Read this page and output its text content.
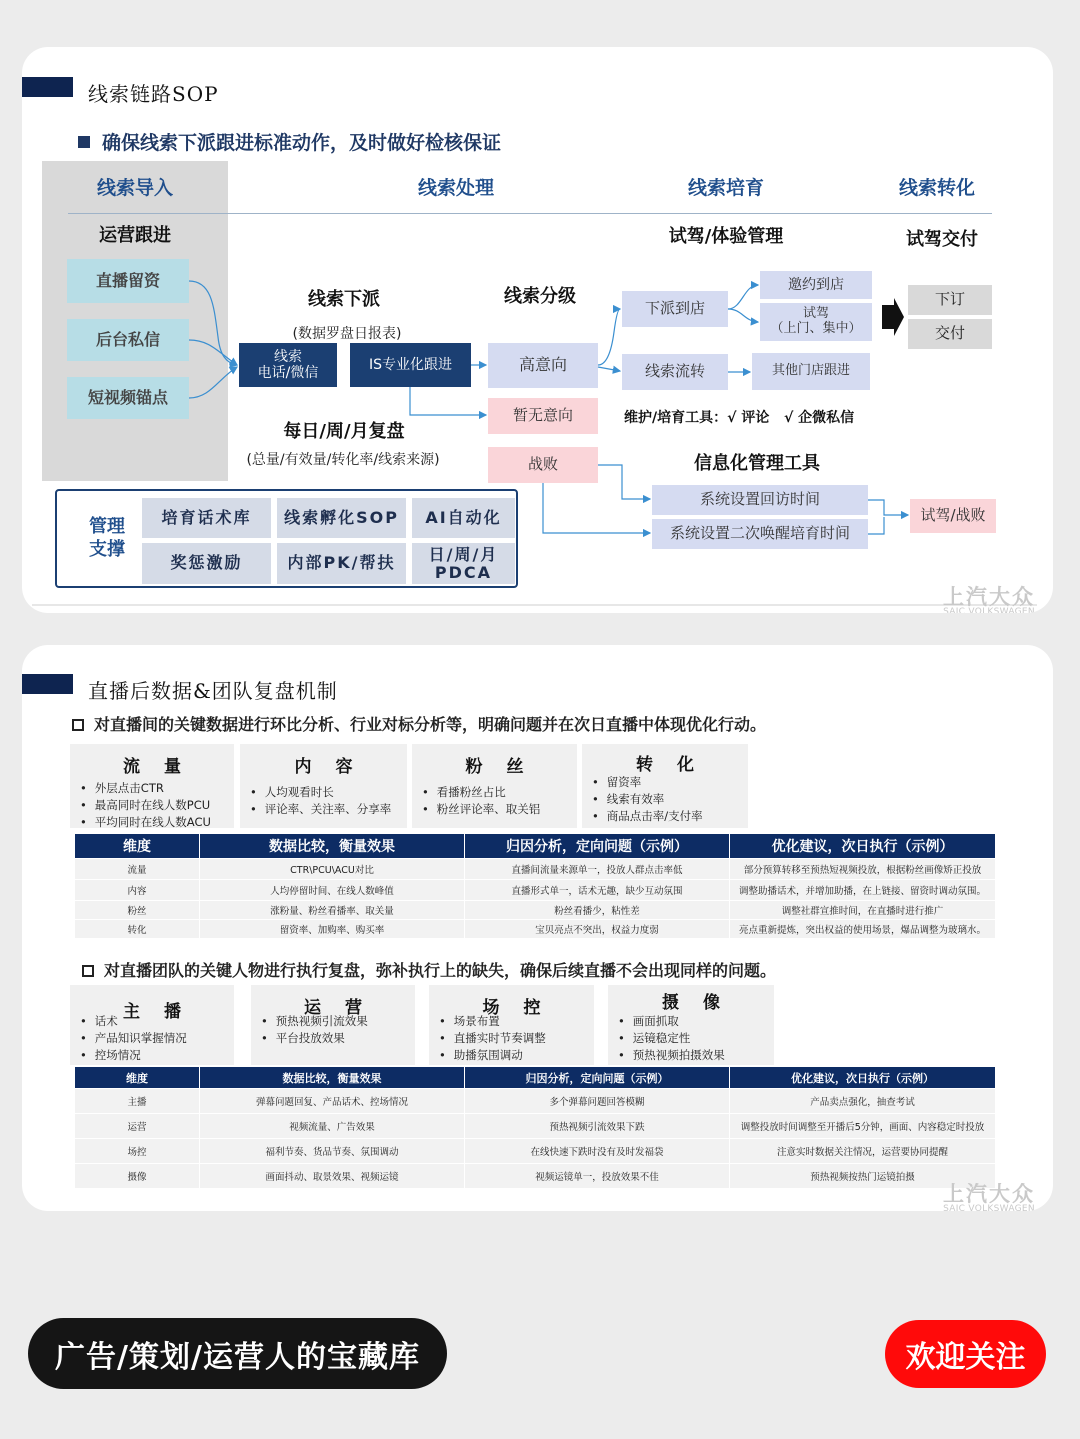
线索链路SOP
确保线索下派跟进标准动作，及时做好检核保证
线索导入	线索处理	线索培育	线索转化
运营跟进
直播留资
后台私信
短视频锚点
线索下派
(数据罗盘日报表)
线索
电话/微信
IS专业化跟进
每日/周/月复盘
(总量/有效量/转化率/线索来源)
线索分级
高意向
暂无意向
战败
试驾/体验管理
下派到店
邀约到店
试驾
（上门、集中）
线索流转	其他门店跟进
维护/培育工具：√ 评论   √ 企微私信
试驾交付
下订
交付
信息化管理工具
系统设置回访时间
系统设置二次唤醒培育时间
试驾/战败
管理
支撑
培育话术库	线索孵化SOP	AI自动化
奖惩激励	内部PK/帮扶	日/周/月
PDCA
上汽大众
SAIC VOLKSWAGEN
直播后数据&团队复盘机制
对直播间的关键数据进行环比分析、行业对标分析等，明确问题并在次日直播中体现优化行动。
流量
• 外层点击CTR
• 最高同时在线人数PCU
• 平均同时在线人数ACU
内容
• 人均观看时长
• 评论率、关注率、分享率
粉丝
• 看播粉丝占比
• 粉丝评论率、取关铝
转化
• 留资率
• 线索有效率
• 商品点击率/支付率
维度	数据比较，衡量效果	归因分析，定向问题（示例）	优化建议，次日执行（示例）
流量	CTR\PCU\ACU对比	直播间流量来源单一，投放人群点击率低	部分预算转移至预热短视频投放，根据粉丝画像矫正投放
内容	人均停留时间、在线人数峰值	直播形式单一，话术无趣，缺少互动氛围	调整助播话术，并增加助播，在上链接、留资时调动氛围。
粉丝	涨粉量、粉丝看播率、取关量	粉丝看播少，粘性差	调整社群宣推时间，在直播时进行推广
转化	留资率、加购率、购买率	宝贝亮点不突出，权益力度弱	亮点重新提炼，突出权益的使用场景，爆品调整为玻璃水。
对直播团队的关键人物进行执行复盘，弥补执行上的缺失，确保后续直播不会出现同样的问题。
主播
• 话术
• 产品知识掌握情况
• 控场情况
运营
• 预热视频引流效果
• 平台投放效果
场控
• 场景布置
• 直播实时节奏调整
• 助播氛围调动
摄像
• 画面抓取
• 运镜稳定性
• 预热视频拍摄效果
维度	数据比较，衡量效果	归因分析，定向问题（示例）	优化建议，次日执行（示例）
主播	弹幕问题回复、产品话术、控场情况	多个弹幕问题回答模糊	产品卖点强化，抽查考试
运营	视频流量、广告效果	预热视频引流效果下跌	调整投放时间调整至开播后5分钟，画面、内容稳定时投放
场控	福利节奏、货品节奏、氛围调动	在线快速下跌时没有及时发福袋	注意实时数据关注情况，运营要协同提醒
摄像	画面抖动、取景效果、视频运镜	视频运镜单一，投放效果不佳	预热视频按热门运镜拍摄
上汽大众
SAIC VOLKSWAGEN
广告/策划/运营人的宝藏库	欢迎关注
